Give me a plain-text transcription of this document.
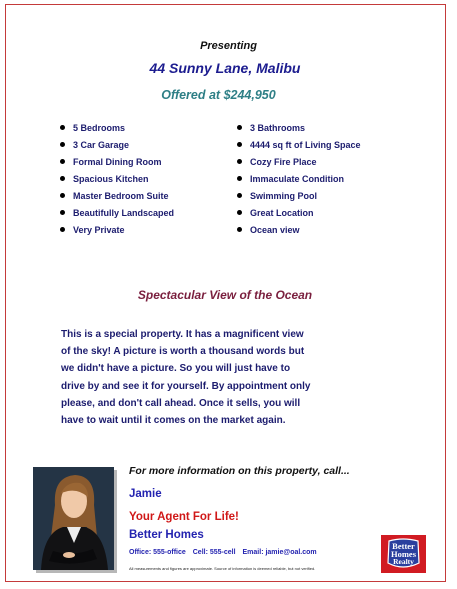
Presenting
44 Sunny Lane, Malibu
Offered at $244,950
5 Bedrooms
3 Car Garage
Formal Dining Room
Spacious Kitchen
Master Bedroom Suite
Beautifully Landscaped
Very Private
3 Bathrooms
4444 sq ft of Living Space
Cozy Fire Place
Immaculate Condition
Swimming Pool
Great Location
Ocean view
Spectacular View of the Ocean
This is a special property. It has a magnificent view
of the sky! A picture is worth a thousand words but
we didn't have a picture. So you will just have to
drive by and see it for yourself. By appointment only
please, and don't call ahead. Once it sells, you will
have to wait until it comes on the market again.
For more information on this property, call...
Jamie
Your Agent For Life!
Better Homes
Office: 555-office Cell: 555-cell Email: jamie@oal.com
All measurements and figures are approximate. Source of information is deemed reliable, but not verified.
Better
Homes
Realty
